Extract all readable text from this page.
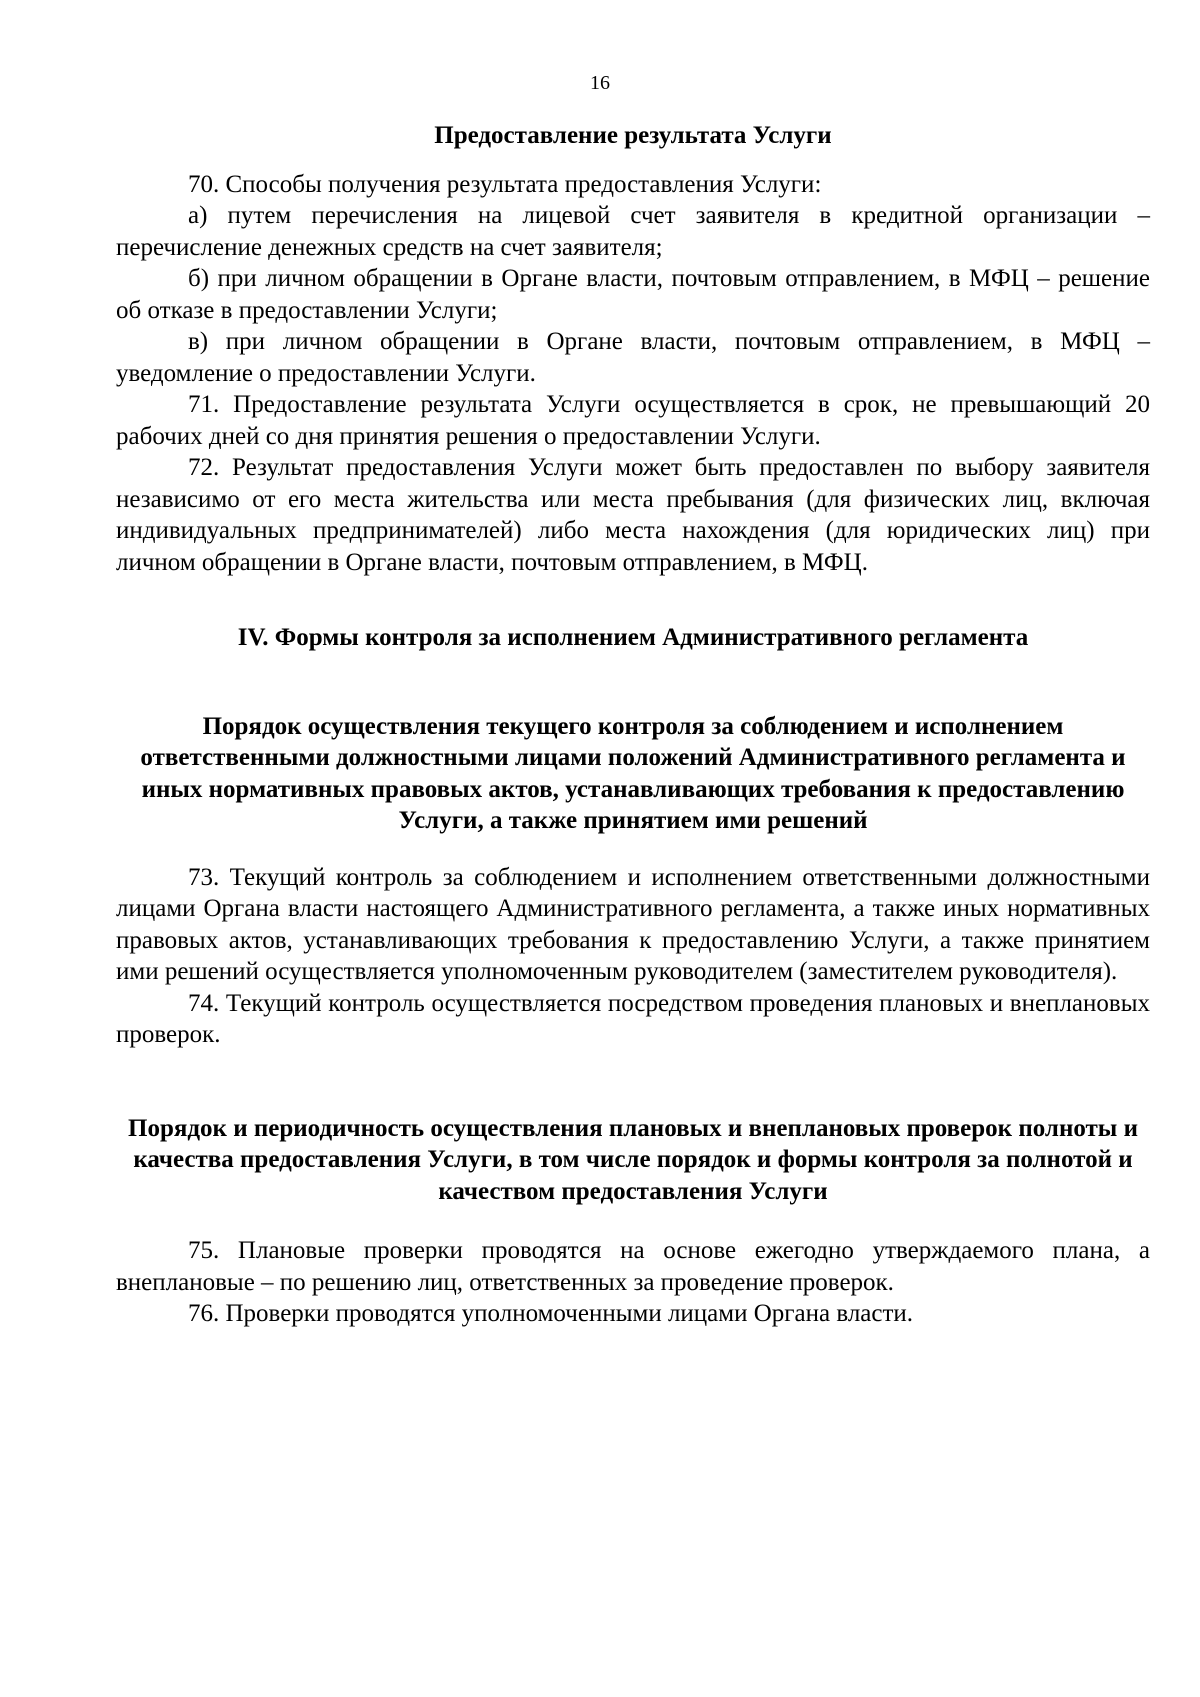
16
Предоставление результата Услуги

70. Способы получения результата предоставления Услуги:

а) путем перечисления на лицевой счет заявителя в кредитной организации – перечисление денежных средств на счет заявителя;

б) при личном обращении в Органе власти, почтовым отправлением, в МФЦ – решение об отказе в предоставлении Услуги;

в) при личном обращении в Органе власти, почтовым отправлением, в МФЦ – уведомление о предоставлении Услуги.

71. Предоставление результата Услуги осуществляется в срок, не превышающий 20 рабочих дней со дня принятия решения о предоставлении Услуги.

72. Результат предоставления Услуги может быть предоставлен по выбору заявителя независимо от его места жительства или места пребывания (для физических лиц, включая индивидуальных предпринимателей) либо места нахождения (для юридических лиц) при личном обращении в Органе власти, почтовым отправлением, в МФЦ.

IV. Формы контроля за исполнением Административного регламента
Порядок осуществления текущего контроля за соблюдением и исполнением ответственными должностными лицами положений Административного регламента и иных нормативных правовых актов, устанавливающих требования к предоставлению Услуги, а также принятием ими решений

73. Текущий контроль за соблюдением и исполнением ответственными должностными лицами Органа власти настоящего Административного регламента, а также иных нормативных правовых актов, устанавливающих требования к предоставлению Услуги, а также принятием ими решений осуществляется уполномоченным руководителем (заместителем руководителя).

74. Текущий контроль осуществляется посредством проведения плановых и внеплановых проверок.

Порядок и периодичность осуществления плановых и внеплановых проверок полноты и качества предоставления Услуги, в том числе порядок и формы контроля за полнотой и качеством предоставления Услуги

75. Плановые проверки проводятся на основе ежегодно утверждаемого плана, а внеплановые – по решению лиц, ответственных за проведение проверок.

76. Проверки проводятся уполномоченными лицами Органа власти.
